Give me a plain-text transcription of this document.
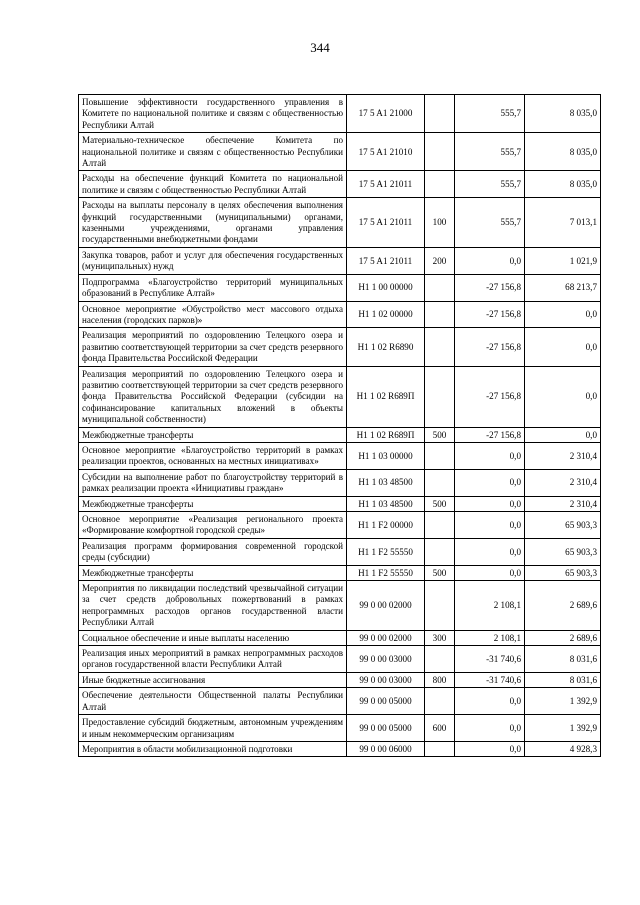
344
Повышение эффективности государственного управления в Комитете по национальной политике и связям с общественностью Республики Алтай	17 5 A1 21000		555,7	8 035,0
Материально-техническое обеспечение Комитета по национальной политике и связям с общественностью Республики Алтай	17 5 A1 21010		555,7	8 035,0
Расходы на обеспечение функций Комитета по национальной политике и связям с общественностью Республики Алтай	17 5 A1 21011		555,7	8 035,0
Расходы на выплаты персоналу в целях обеспечения выполнения функций государственными (муниципальными) органами, казенными учреждениями, органами управления государственными внебюджетными фондами	17 5 A1 21011	100	555,7	7 013,1
Закупка товаров, работ и услуг для обеспечения государственных (муниципальных) нужд	17 5 A1 21011	200	0,0	1 021,9
Подпрограмма «Благоустройство территорий муниципальных образований в Республике Алтай»	H1 1 00 00000		-27 156,8	68 213,7
Основное мероприятие «Обустройство мест массового отдыха населения (городских парков)»	H1 1 02 00000		-27 156,8	0,0
Реализация мероприятий по оздоровлению Телецкого озера и развитию соответствующей территории за счет средств резервного фонда Правительства Российской Федерации	H1 1 02 R6890		-27 156,8	0,0
Реализация мероприятий по оздоровлению Телецкого озера и развитию соответствующей территории за счет средств резервного фонда Правительства Российской Федерации (субсидии на софинансирование капитальных вложений в объекты муниципальной собственности)	H1 1 02 R689П		-27 156,8	0,0
Межбюджетные трансферты	H1 1 02 R689П	500	-27 156,8	0,0
Основное мероприятие «Благоустройство территорий в рамках реализации проектов, основанных на местных инициативах»	H1 1 03 00000		0,0	2 310,4
Субсидии на выполнение работ по благоустройству территорий в рамках реализации проекта «Инициативы граждан»	H1 1 03 48500		0,0	2 310,4
Межбюджетные трансферты	H1 1 03 48500	500	0,0	2 310,4
Основное мероприятие «Реализация регионального проекта «Формирование комфортной городской среды»	H1 1 F2 00000		0,0	65 903,3
Реализация программ формирования современной городской среды (субсидии)	H1 1 F2 55550		0,0	65 903,3
Межбюджетные трансферты	H1 1 F2 55550	500	0,0	65 903,3
Мероприятия по ликвидации последствий чрезвычайной ситуации за счет средств добровольных пожертвований в рамках непрограммных расходов органов государственной власти Республики Алтай	99 0 00 02000		2 108,1	2 689,6
Социальное обеспечение и иные выплаты населению	99 0 00 02000	300	2 108,1	2 689,6
Реализация иных мероприятий в рамках непрограммных расходов органов государственной власти Республики Алтай	99 0 00 03000		-31 740,6	8 031,6
Иные бюджетные ассигнования	99 0 00 03000	800	-31 740,6	8 031,6
Обеспечение деятельности Общественной палаты Республики Алтай	99 0 00 05000		0,0	1 392,9
Предоставление субсидий бюджетным, автономным учреждениям и иным некоммерческим организациям	99 0 00 05000	600	0,0	1 392,9
Мероприятия в области мобилизационной подготовки	99 0 00 06000		0,0	4 928,3
